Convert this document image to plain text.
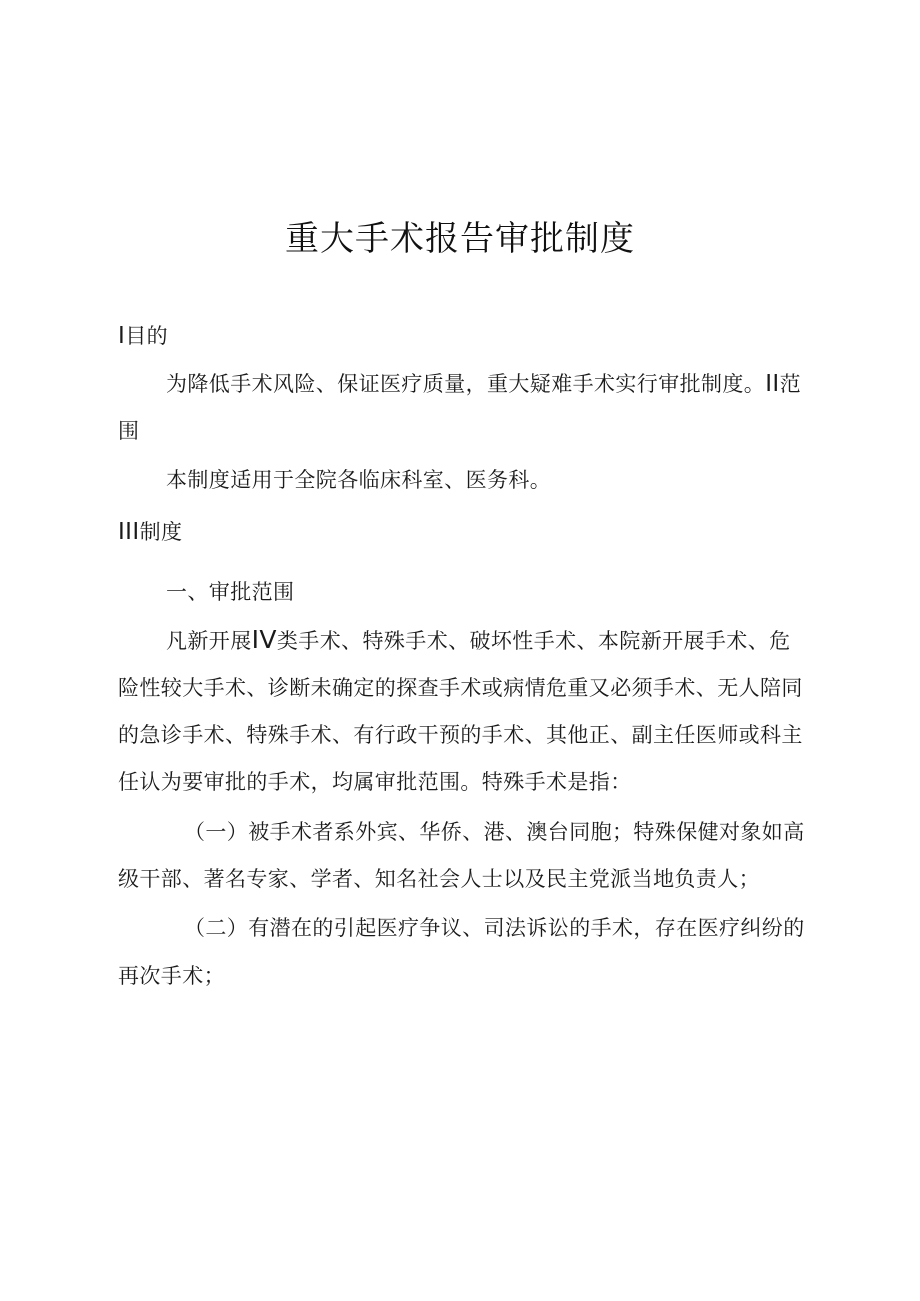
重大手术报告审批制度
I目的
为降低手术风险、保证医疗质量，重大疑难手术实行审批制度。II范
围
本制度适用于全院各临床科室、医务科。
III制度
一、审批范围
凡新开展IV类手术、特殊手术、破坏性手术、本院新开展手术、危
险性较大手术、诊断未确定的探查手术或病情危重又必须手术、无人陪同
的急诊手术、特殊手术、有行政干预的手术、其他正、副主任医师或科主
任认为要审批的手术，均属审批范围。特殊手术是指：
（一）被手术者系外宾、华侨、港、澳台同胞；特殊保健对象如高
级干部、著名专家、学者、知名社会人士以及民主党派当地负责人；
（二）有潜在的引起医疗争议、司法诉讼的手术，存在医疗纠纷的
再次手术；
